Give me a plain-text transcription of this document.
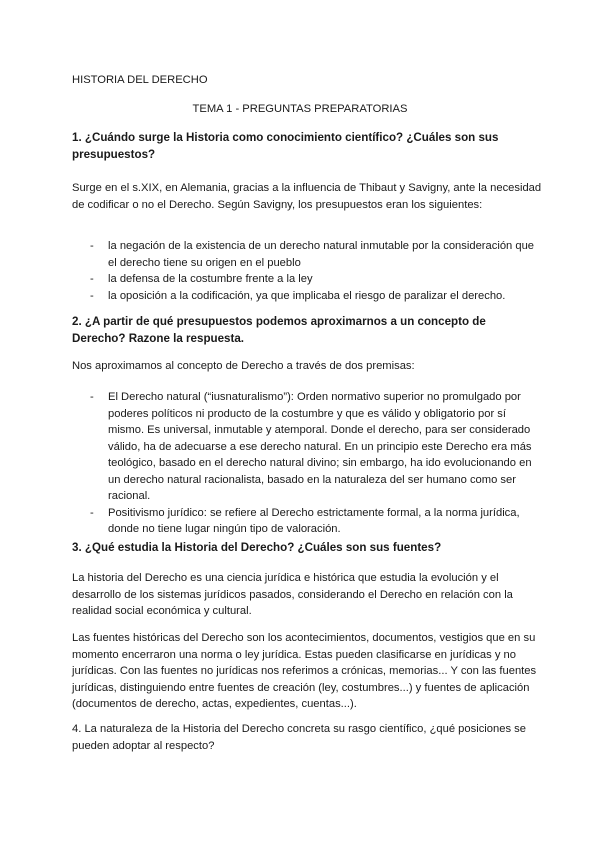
HISTORIA DEL DERECHO

TEMA 1 - PREGUNTAS PREPARATORIAS

1. ¿Cuándo surge la Historia como conocimiento científico? ¿Cuáles son sus presupuestos?

Surge en el s.XIX, en Alemania, gracias a la influencia de Thibaut y Savigny, ante la necesidad de codificar o no el Derecho. Según Savigny, los presupuestos eran los siguientes:

- la negación de la existencia de un derecho natural inmutable por la consideración que el derecho tiene su origen en el pueblo
- la defensa de la costumbre frente a la ley
- la oposición a la codificación, ya que implicaba el riesgo de paralizar el derecho.

2. ¿A partir de qué presupuestos podemos aproximarnos a un concepto de Derecho? Razone la respuesta.

Nos aproximamos al concepto de Derecho a través de dos premisas:

- El Derecho natural (“iusnaturalismo”): Orden normativo superior no promulgado por poderes políticos ni producto de la costumbre y que es válido y obligatorio por sí mismo. Es universal, inmutable y atemporal. Donde el derecho, para ser considerado válido, ha de adecuarse a ese derecho natural. En un principio este Derecho era más teológico, basado en el derecho natural divino; sin embargo, ha ido evolucionando en un derecho natural racionalista, basado en la naturaleza del ser humano como ser racional.
- Positivismo jurídico: se refiere al Derecho estrictamente formal, a la norma jurídica, donde no tiene lugar ningún tipo de valoración.

3. ¿Qué estudia la Historia del Derecho? ¿Cuáles son sus fuentes?

La historia del Derecho es una ciencia jurídica e histórica que estudia la evolución y el desarrollo de los sistemas jurídicos pasados, considerando el Derecho en relación con la realidad social económica y cultural.

Las fuentes históricas del Derecho son los acontecimientos, documentos, vestigios que en su momento encerraron una norma o ley jurídica. Estas pueden clasificarse en jurídicas y no jurídicas. Con las fuentes no jurídicas nos referimos a crónicas, memorias... Y con las fuentes jurídicas, distinguiendo entre fuentes de creación (ley, costumbres...) y fuentes de aplicación (documentos de derecho, actas, expedientes, cuentas...).

4. La naturaleza de la Historia del Derecho concreta su rasgo científico, ¿qué posiciones se pueden adoptar al respecto?
